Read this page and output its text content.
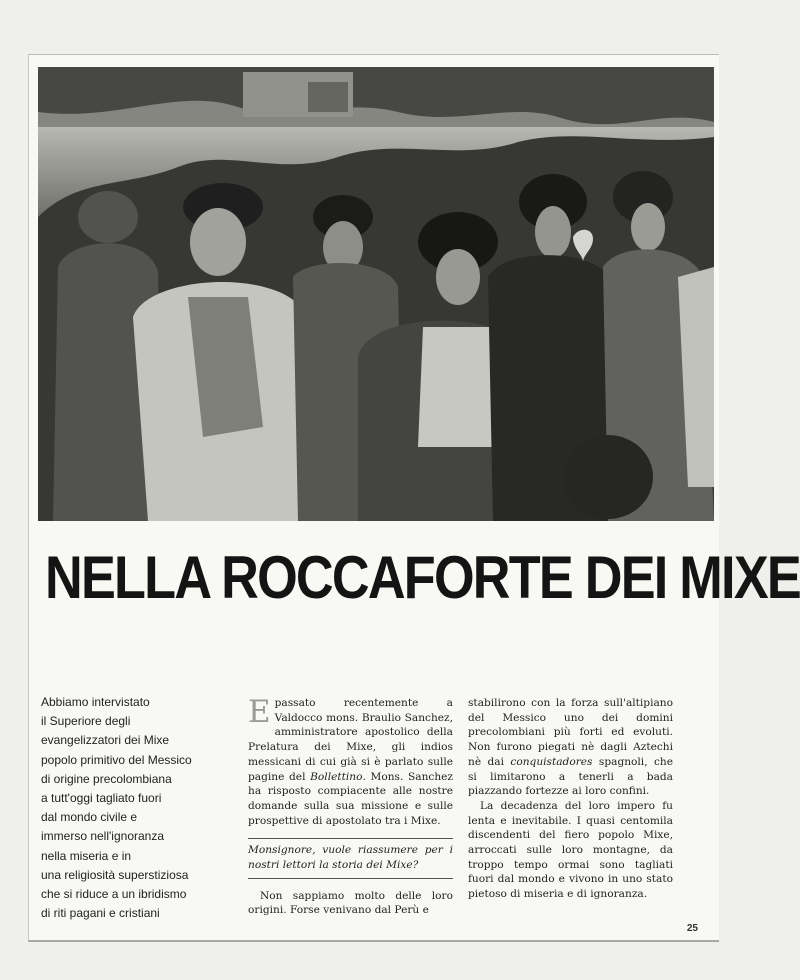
NELLA ROCCAFORTE DEI MIXE
Abbiamo intervistato
il Superiore degli
evangelizzatori dei Mixe
popolo primitivo del Messico
di origine precolombiana
a tutt'oggi tagliato fuori
dal mondo civile e
immerso nell'ignoranza
nella miseria e in
una religiosità superstiziosa
che si riduce a un ibridismo
di riti pagani e cristiani

Epassato recentemente a Valdocco mons. Braulio Sanchez, amministratore apostolico della Prelatura dei Mixe, gli indios messicani di cui già si è parlato sulle pagine del Bollettino. Mons. Sanchez ha risposto compiacente alle nostre domande sulla sua missione e sulle prospettive di apostolato tra i Mixe.

Monsignore, vuole riassumere per i nostri lettori la storia dei Mixe?

Non sappiamo molto delle loro origini. Forse venivano dal Perù e

stabilirono con la forza sull'altipiano del Messico uno dei domini precolombiani più forti ed evoluti. Non furono piegati nè dagli Aztechi nè dai conquistadores spagnoli, che si limitarono a tenerli a bada piazzando fortezze ai loro confini.

La decadenza del loro impero fu lenta e inevitabile. I quasi centomila discendenti del fiero popolo Mixe, arroccati sulle loro montagne, da troppo tempo ormai sono tagliati fuori dal mondo e vivono in uno stato pietoso di miseria e di ignoranza.

25
